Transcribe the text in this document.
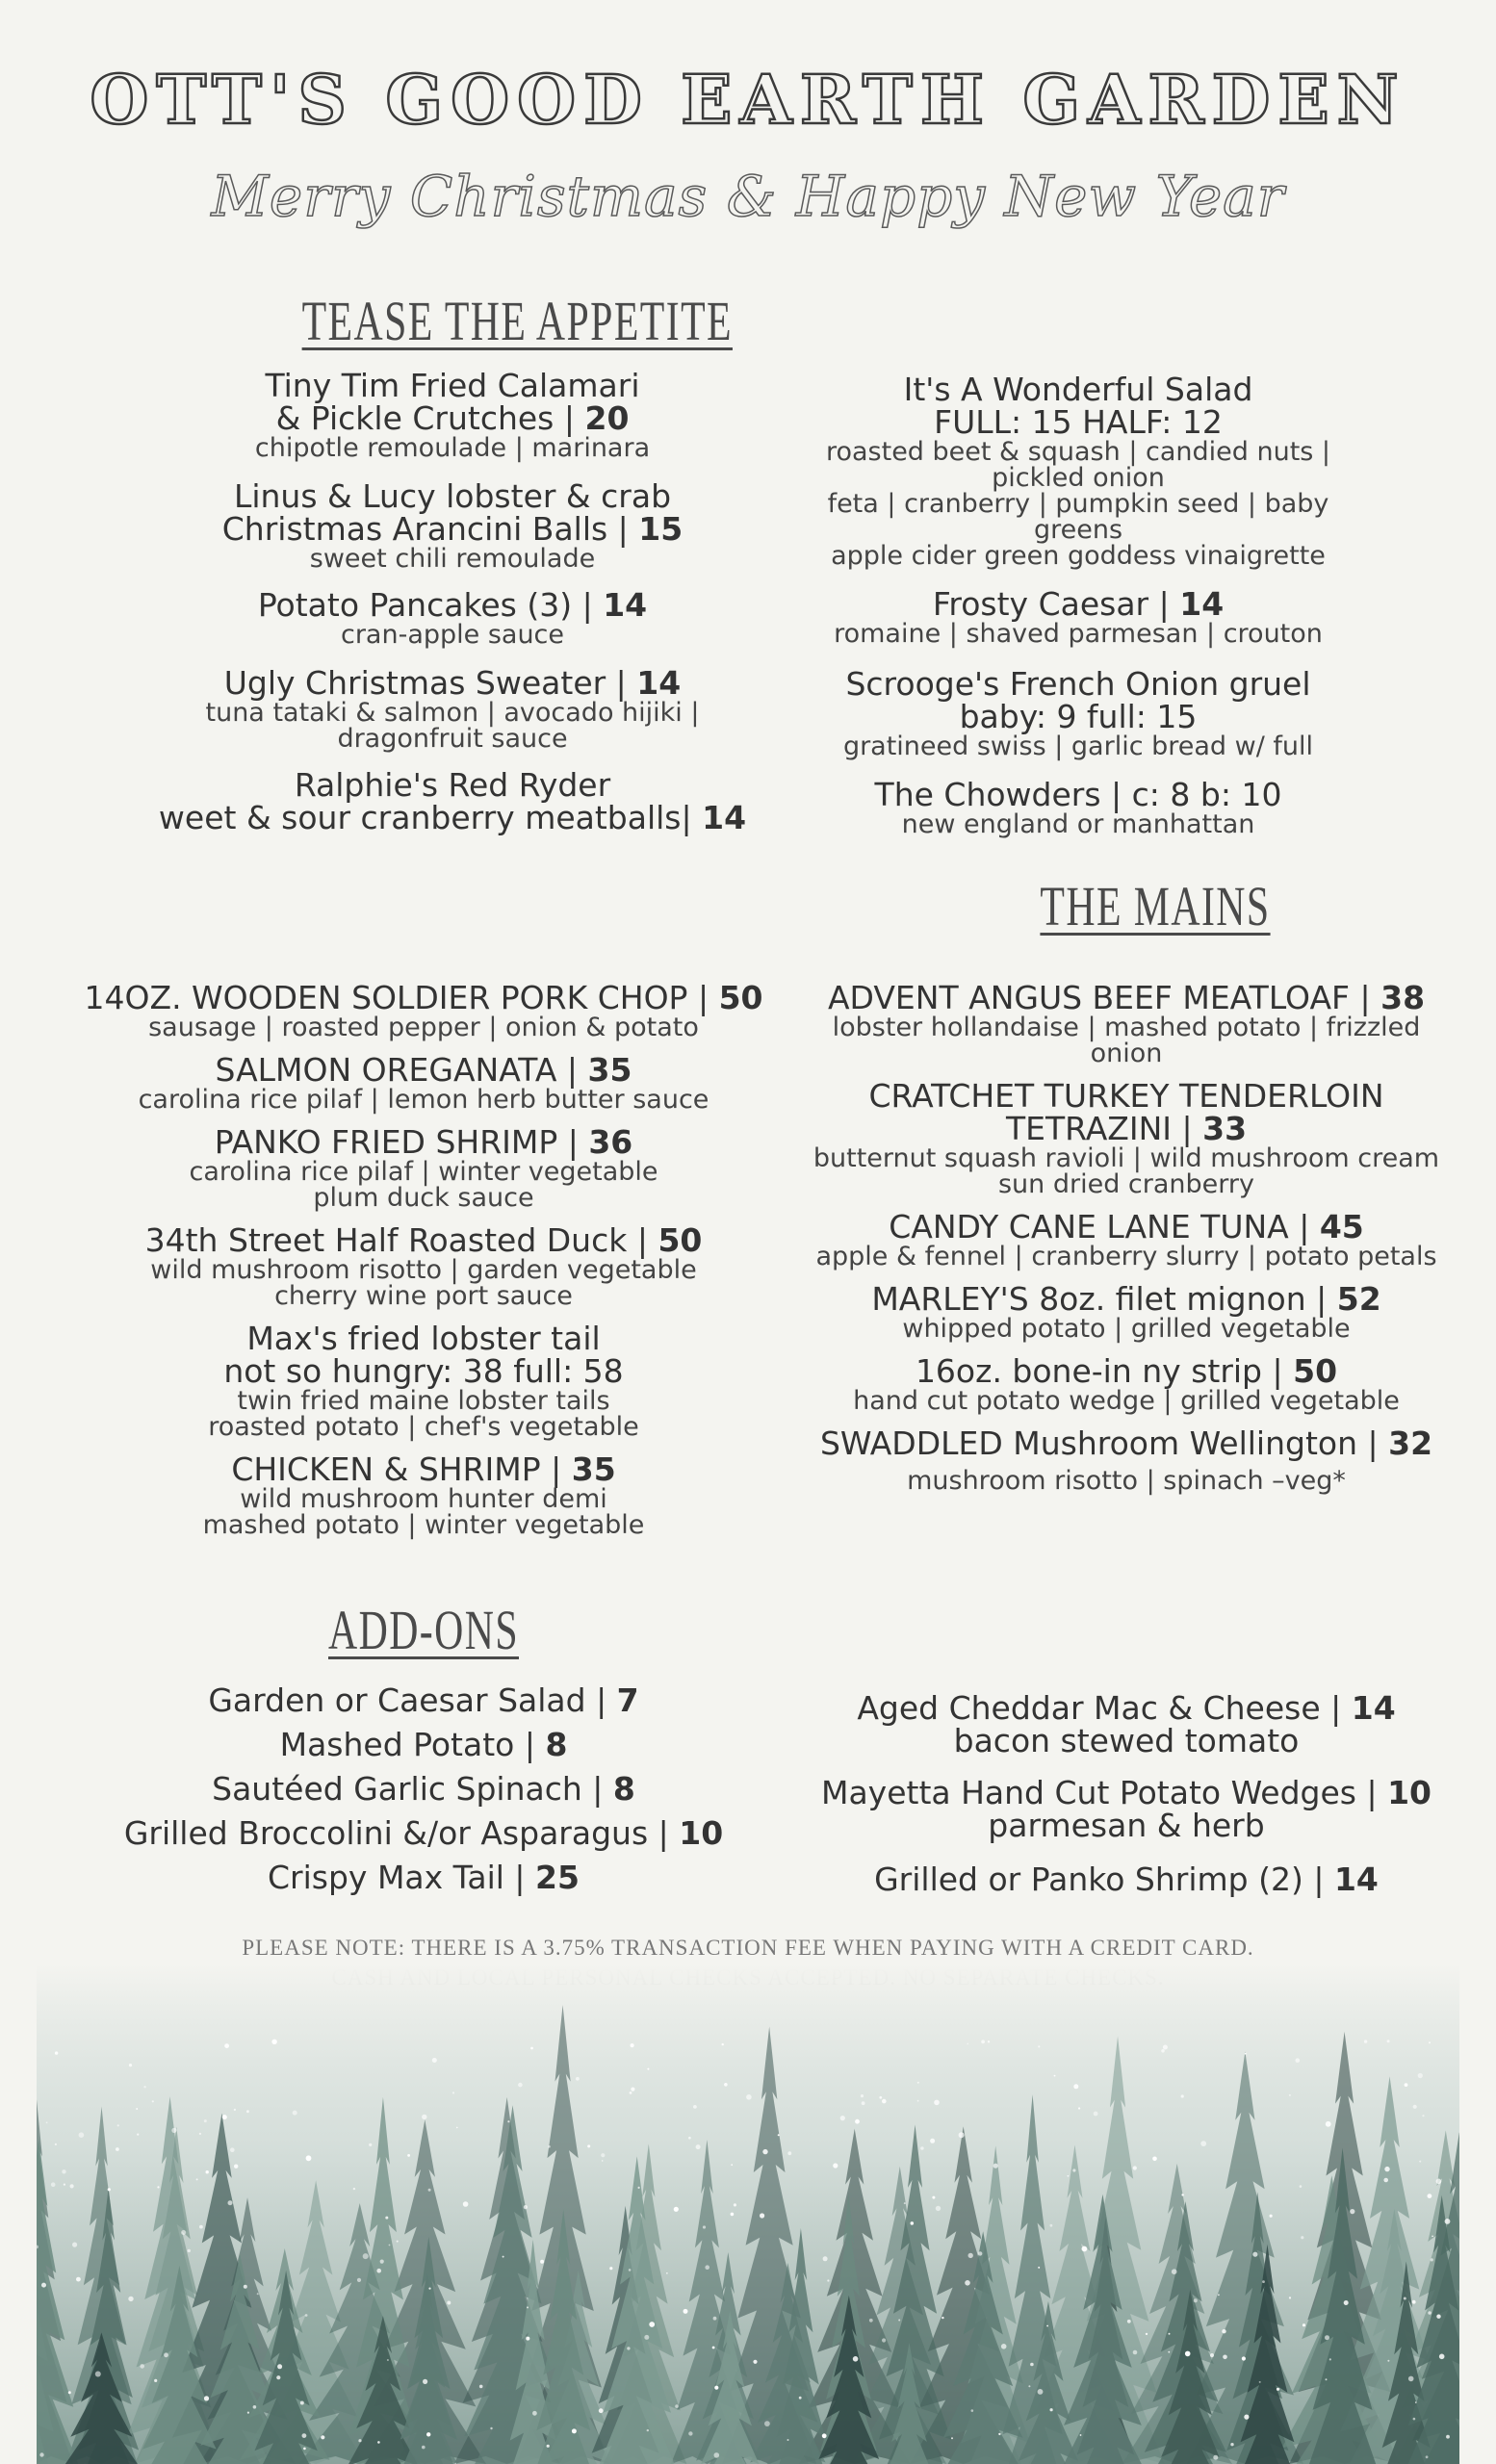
OTT'S GOOD EARTH GARDEN
Merry Christmas & Happy New Year
TEASE THE APPETITE
Tiny Tim Fried Calamari
& Pickle Crutches | 20
chipotle remoulade | marinara
Linus & Lucy lobster & crab
Christmas Arancini Balls | 15
sweet chili remoulade
Potato Pancakes (3) | 14
cran-apple sauce
Ugly Christmas Sweater | 14
tuna tataki & salmon | avocado hijiki |
dragonfruit sauce
Ralphie's Red Ryder
weet & sour cranberry meatballs| 14
It's A Wonderful Salad
FULL: 15 HALF: 12
roasted beet & squash | candied nuts |
pickled onion
feta | cranberry | pumpkin seed | baby
greens
apple cider green goddess vinaigrette
Frosty Caesar | 14
romaine | shaved parmesan | crouton
Scrooge's French Onion gruel
baby: 9 full: 15
gratineed swiss | garlic bread w/ full
The Chowders | c: 8 b: 10
new england or manhattan
THE MAINS
14OZ. WOODEN SOLDIER PORK CHOP | 50
sausage | roasted pepper | onion & potato
SALMON OREGANATA | 35
carolina rice pilaf | lemon herb butter sauce
PANKO FRIED SHRIMP | 36
carolina rice pilaf | winter vegetable
plum duck sauce
34th Street Half Roasted Duck | 50
wild mushroom risotto | garden vegetable
cherry wine port sauce
Max's fried lobster tail
not so hungry: 38 full: 58
twin fried maine lobster tails
roasted potato | chef's vegetable
CHICKEN & SHRIMP | 35
wild mushroom hunter demi
mashed potato | winter vegetable
ADVENT ANGUS BEEF MEATLOAF | 38
lobster hollandaise | mashed potato | frizzled
onion
CRATCHET TURKEY TENDERLOIN
TETRAZINI | 33
butternut squash ravioli | wild mushroom cream
sun dried cranberry
CANDY CANE LANE TUNA | 45
apple & fennel | cranberry slurry | potato petals
MARLEY'S 8oz. filet mignon | 52
whipped potato | grilled vegetable
16oz. bone-in ny strip | 50
hand cut potato wedge | grilled vegetable
SWADDLED Mushroom Wellington | 32
mushroom risotto | spinach –veg*
ADD-ONS
Garden or Caesar Salad | 7
Mashed Potato | 8
Sautéed Garlic Spinach | 8
Grilled Broccolini &/or Asparagus | 10
Crispy Max Tail | 25
Aged Cheddar Mac & Cheese | 14
bacon stewed tomato
Mayetta Hand Cut Potato Wedges | 10
parmesan & herb
Grilled or Panko Shrimp (2) | 14
PLEASE NOTE: THERE IS A 3.75% TRANSACTION FEE WHEN PAYING WITH A CREDIT CARD.
